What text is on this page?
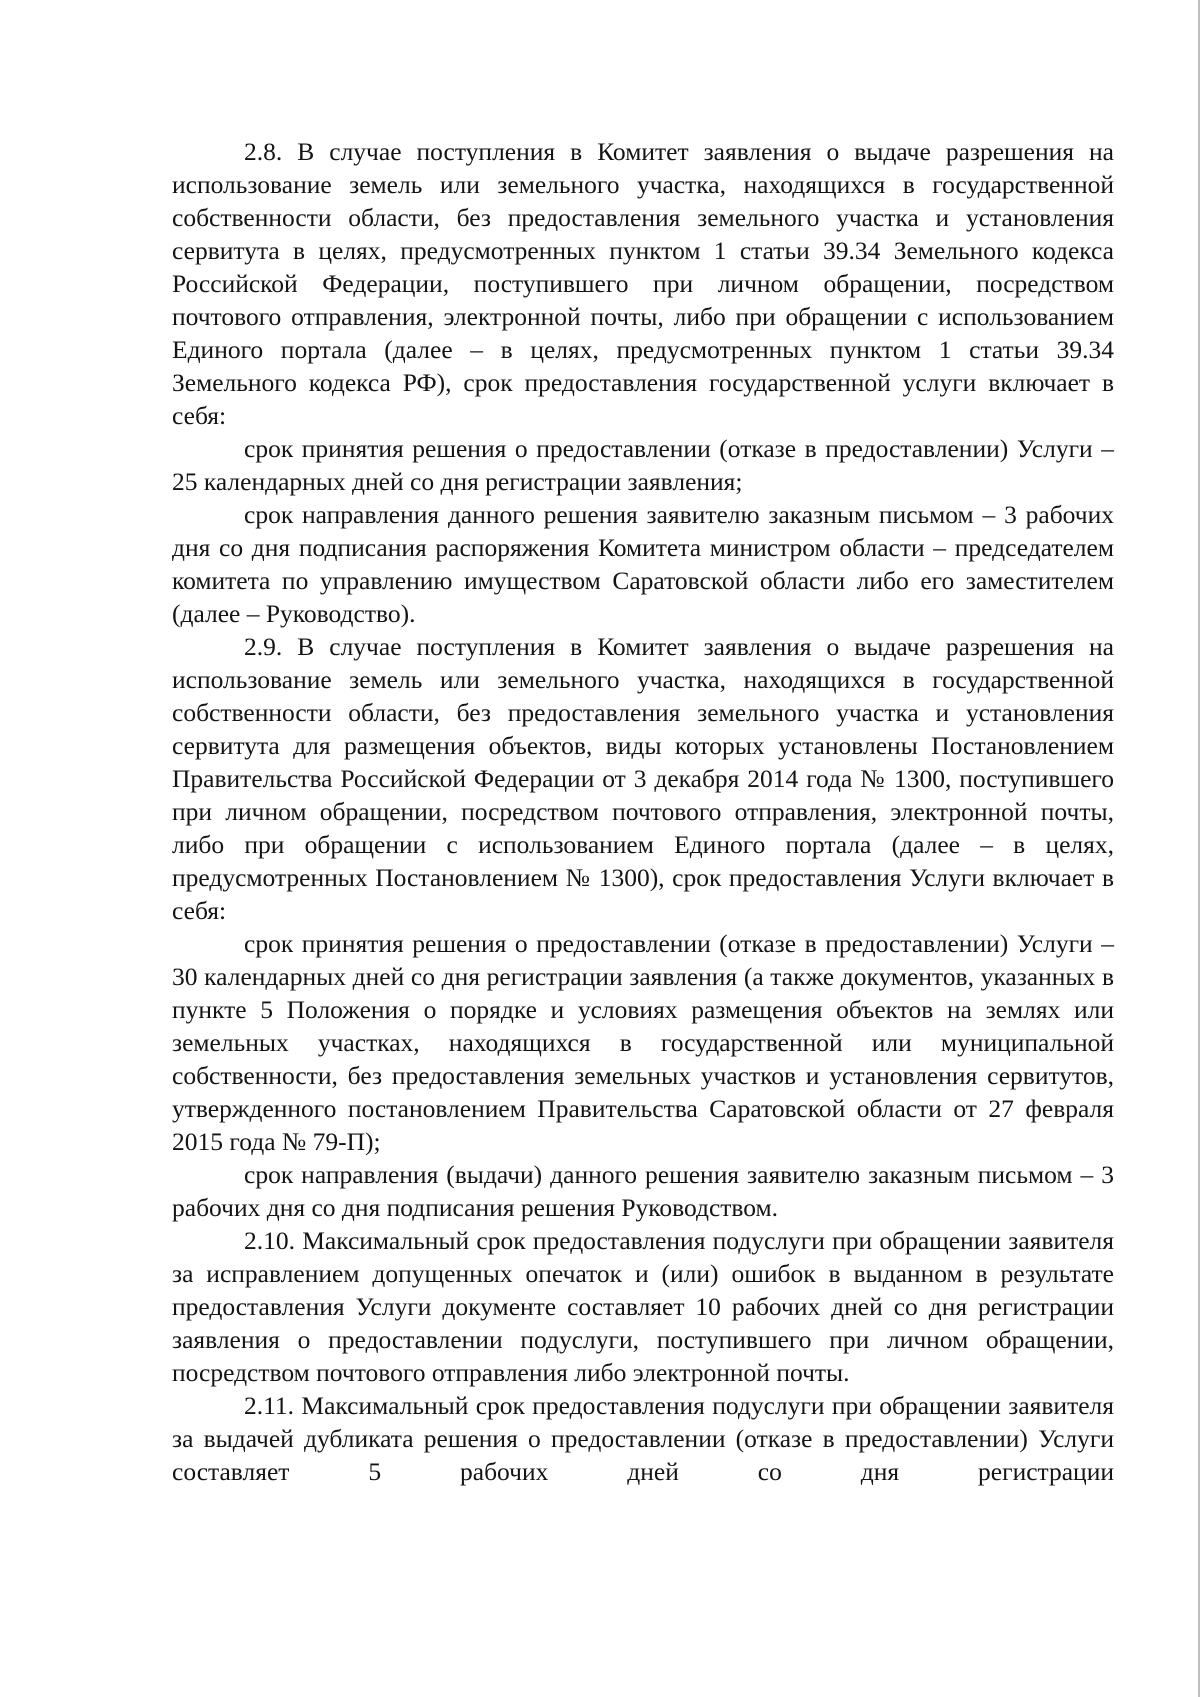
2.8. В случае поступления в Комитет заявления о выдаче разрешения на использование земель или земельного участка, находящихся в государственной собственности области, без предоставления земельного участка и установления сервитута в целях, предусмотренных пунктом 1 статьи 39.34 Земельного кодекса Российской Федерации, поступившего при личном обращении, посредством почтового отправления, электронной почты, либо при обращении с использованием Единого портала (далее – в целях, предусмотренных пунктом 1 статьи 39.34 Земельного кодекса РФ), срок предоставления государственной услуги включает в себя:

срок принятия решения о предоставлении (отказе в предоставлении) Услуги – 25 календарных дней со дня регистрации заявления;

срок направления данного решения заявителю заказным письмом – 3 рабочих дня со дня подписания распоряжения Комитета министром области – председателем комитета по управлению имуществом Саратовской области либо его заместителем (далее – Руководство).

2.9. В случае поступления в Комитет заявления о выдаче разрешения на использование земель или земельного участка, находящихся в государственной собственности области, без предоставления земельного участка и установления сервитута для размещения объектов, виды которых установлены Постановлением Правительства Российской Федерации от 3 декабря 2014 года № 1300, поступившего при личном обращении, посредством почтового отправления, электронной почты, либо при обращении с использованием Единого портала (далее – в целях, предусмотренных Постановлением № 1300), срок предоставления Услуги включает в себя:

срок принятия решения о предоставлении (отказе в предоставлении) Услуги – 30 календарных дней со дня регистрации заявления (а также документов, указанных в пункте 5 Положения о порядке и условиях размещения объектов на землях или земельных участках, находящихся в государственной или муниципальной собственности, без предоставления земельных участков и установления сервитутов, утвержденного постановлением Правительства Саратовской области от 27 февраля 2015 года № 79-П);

срок направления (выдачи) данного решения заявителю заказным письмом – 3 рабочих дня со дня подписания решения Руководством.

2.10. Максимальный срок предоставления подуслуги при обращении заявителя за исправлением допущенных опечаток и (или) ошибок в выданном в результате предоставления Услуги документе составляет 10 рабочих дней со дня регистрации заявления о предоставлении подуслуги, поступившего при личном обращении, посредством почтового отправления либо электронной почты.

2.11. Максимальный срок предоставления подуслуги при обращении заявителя за выдачей дубликата решения о предоставлении (отказе в предоставлении) Услуги составляет 5 рабочих дней со дня регистрации
